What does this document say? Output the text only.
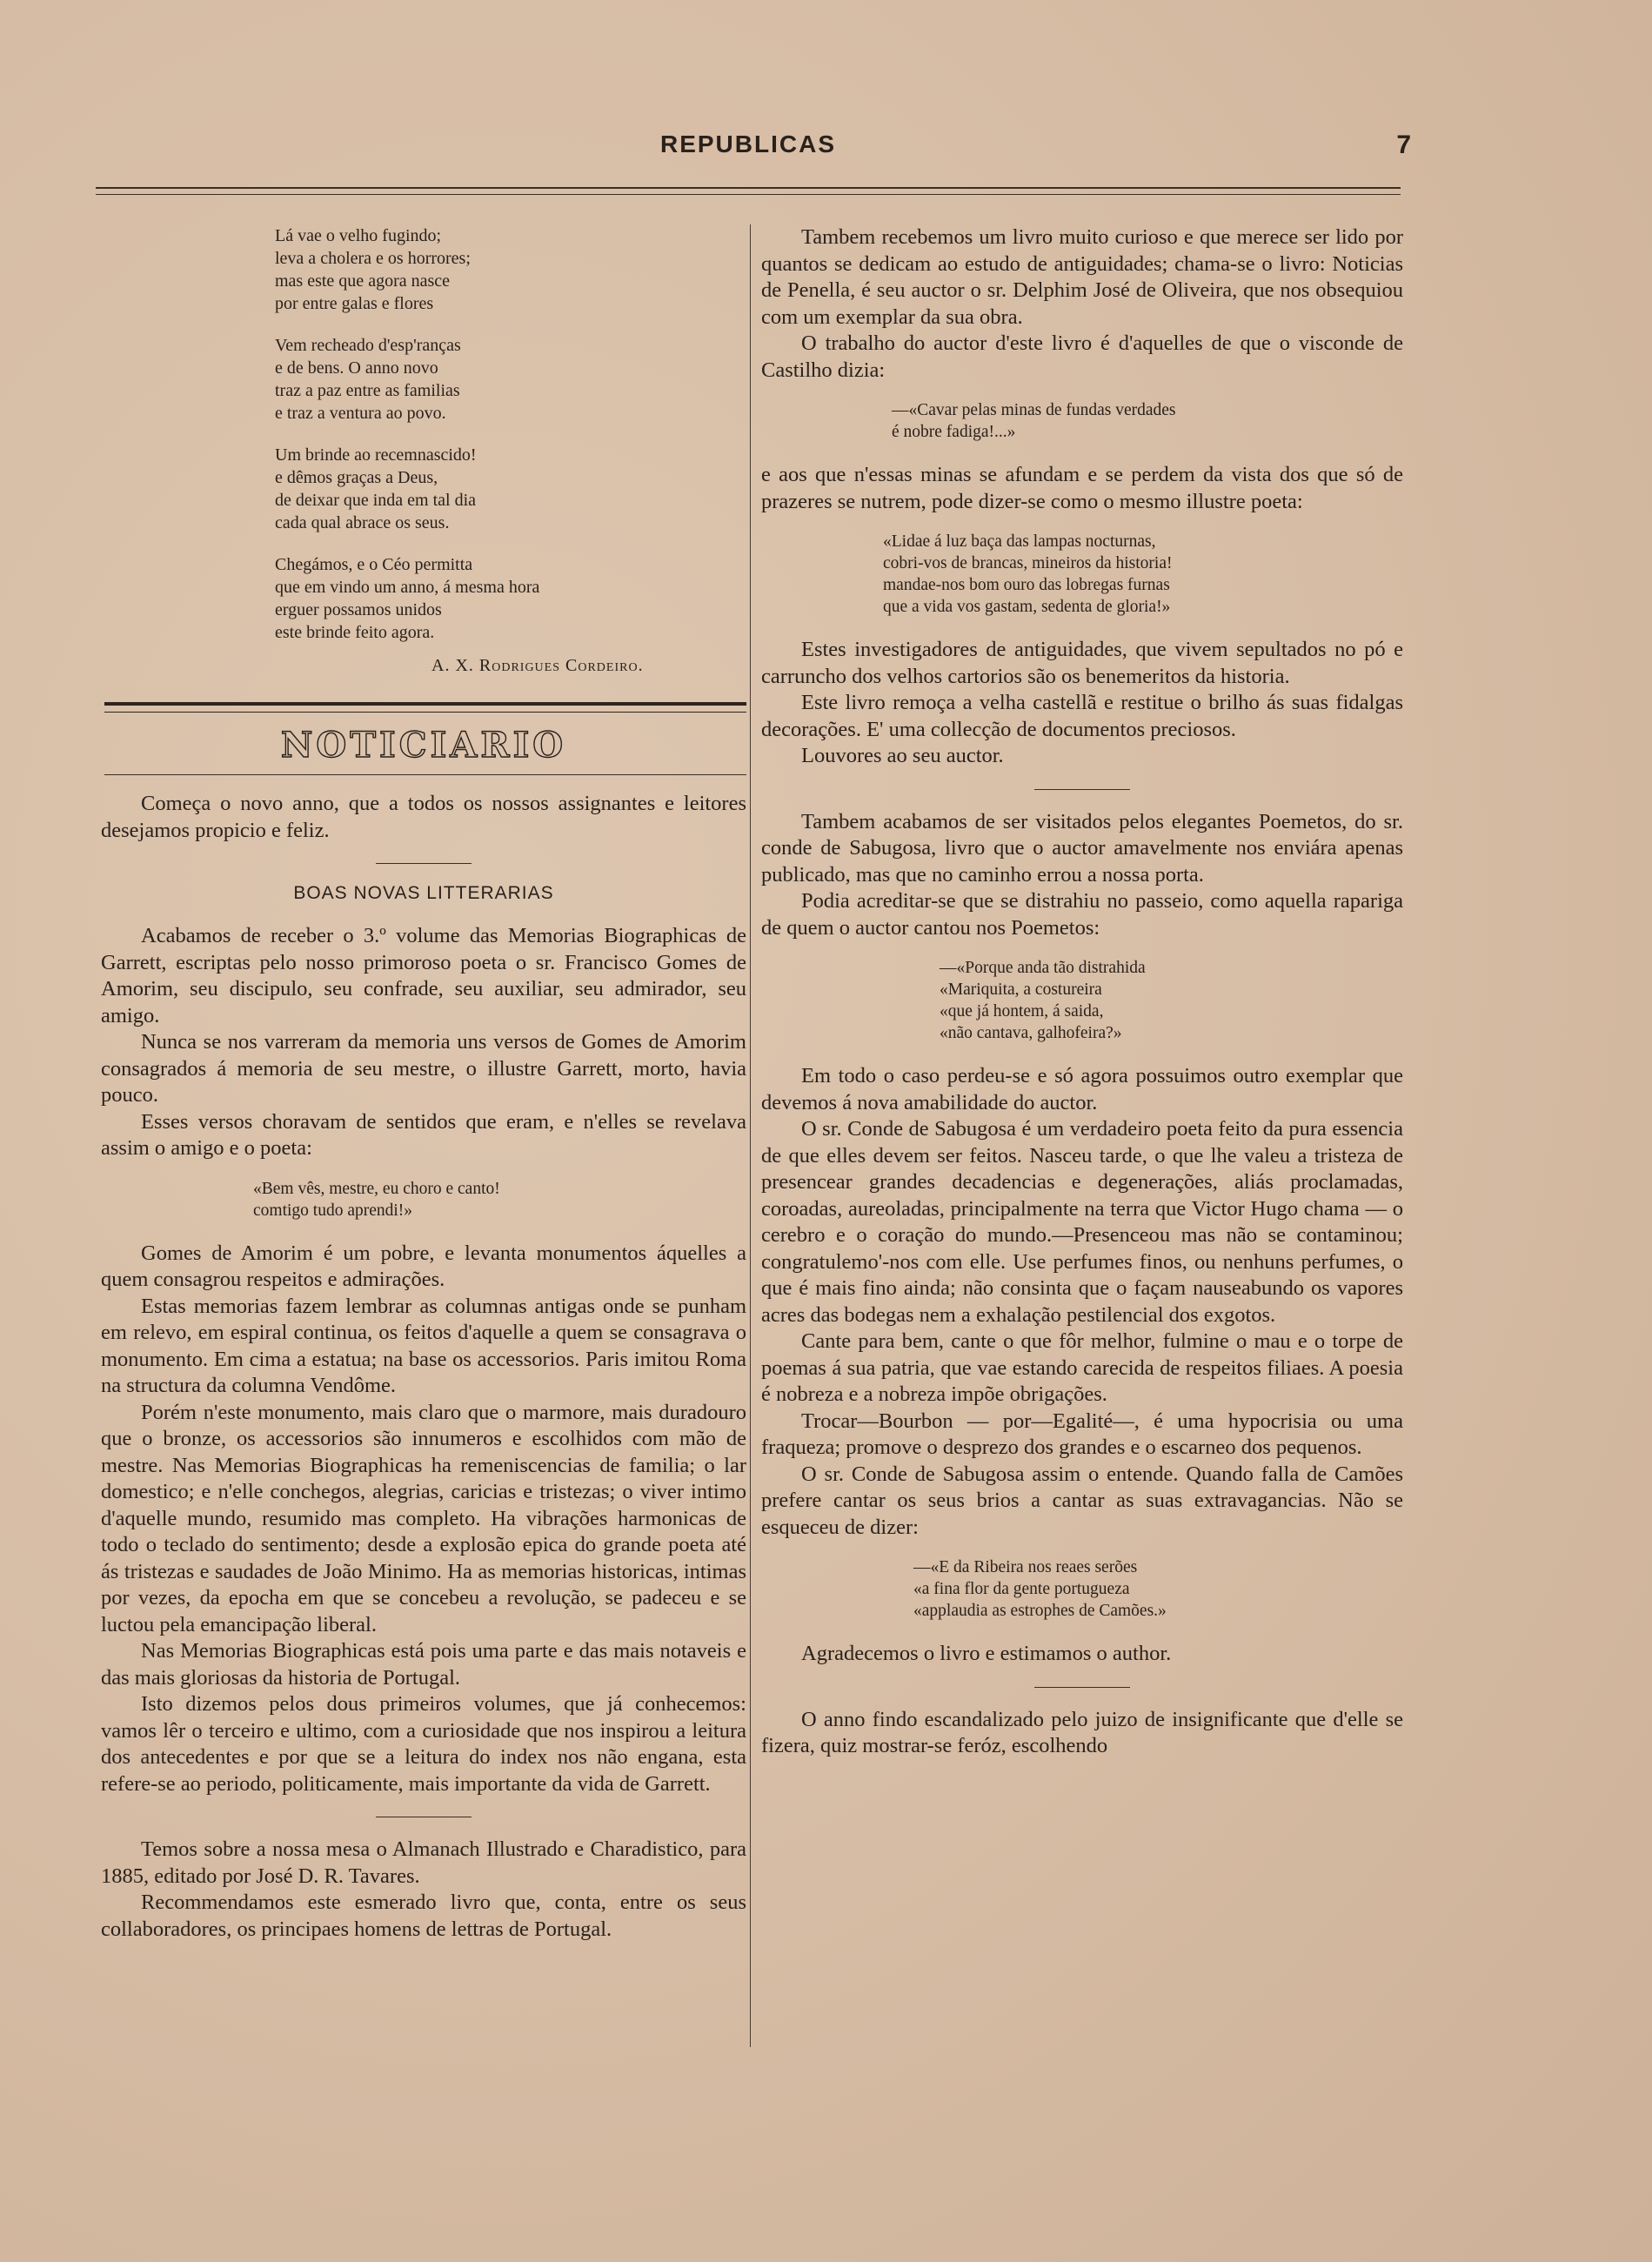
REPUBLICAS	7
Lá vae o velho fugindo;
leva a cholera e os horrores;
mas este que agora nasce
por entre galas e flores
Vem recheado d'esp'ranças
e de bens. O anno novo
traz a paz entre as familias
e traz a ventura ao povo.
Um brinde ao recemnascido!
e dêmos graças a Deus,
de deixar que inda em tal dia
cada qual abrace os seus.
Chegámos, e o Céo permitta
que em vindo um anno, á mesma hora
erguer possamos unidos
este brinde feito agora.
A. X. Rodrigues Cordeiro.
NOTICIARIO

Começa o novo anno, que a todos os nossos assignantes e leitores desejamos propicio e feliz.

BOAS NOVAS LITTERARIAS

Acabamos de receber o 3.º volume das Memorias Biographicas de Garrett, escriptas pelo nosso primoroso poeta o sr. Francisco Gomes de Amorim, seu discipulo, seu confrade, seu auxiliar, seu admirador, seu amigo.

Nunca se nos varreram da memoria uns versos de Gomes de Amorim consagrados á memoria de seu mestre, o illustre Garrett, morto, havia pouco.

Esses versos choravam de sentidos que eram, e n'elles se revelava assim o amigo e o poeta:

«Bem vês, mestre, eu choro e canto!
comtigo tudo aprendi!»

Gomes de Amorim é um pobre, e levanta monumentos áquelles a quem consagrou respeitos e admirações.

Estas memorias fazem lembrar as columnas antigas onde se punham em relevo, em espiral continua, os feitos d'aquelle a quem se consagrava o monumento. Em cima a estatua; na base os accessorios. Paris imitou Roma na structura da columna Vendôme.

Porém n'este monumento, mais claro que o marmore, mais duradouro que o bronze, os accessorios são innumeros e escolhidos com mão de mestre. Nas Memorias Biographicas ha remeniscencias de familia; o lar domestico; e n'elle conchegos, alegrias, caricias e tristezas; o viver intimo d'aquelle mundo, resumido mas completo. Ha vibrações harmonicas de todo o teclado do sentimento; desde a explosão epica do grande poeta até ás tristezas e saudades de João Minimo. Ha as memorias historicas, intimas por vezes, da epocha em que se concebeu a revolução, se padeceu e se luctou pela emancipação liberal.

Nas Memorias Biographicas está pois uma parte e das mais notaveis e das mais gloriosas da historia de Portugal.

Isto dizemos pelos dous primeiros volumes, que já conhecemos: vamos lêr o terceiro e ultimo, com a curiosidade que nos inspirou a leitura dos antecedentes e por que se a leitura do index nos não engana, esta refere-se ao periodo, politicamente, mais importante da vida de Garrett.

Temos sobre a nossa mesa o Almanach Illustrado e Charadistico, para 1885, editado por José D. R. Tavares.

Recommendamos este esmerado livro que, conta, entre os seus collaboradores, os principaes homens de lettras de Portugal.

Tambem recebemos um livro muito curioso e que merece ser lido por quantos se dedicam ao estudo de antiguidades; chama-se o livro: Noticias de Penella, é seu auctor o sr. Delphim José de Oliveira, que nos obsequiou com um exemplar da sua obra.

O trabalho do auctor d'este livro é d'aquelles de que o visconde de Castilho dizia:

—«Cavar pelas minas de fundas verdades
é nobre fadiga!...»

e aos que n'essas minas se afundam e se perdem da vista dos que só de prazeres se nutrem, pode dizer-se como o mesmo illustre poeta:

«Lidae á luz baça das lampas nocturnas,
cobri-vos de brancas, mineiros da historia!
mandae-nos bom ouro das lobregas furnas
que a vida vos gastam, sedenta de gloria!»

Estes investigadores de antiguidades, que vivem sepultados no pó e carruncho dos velhos cartorios são os benemeritos da historia.

Este livro remoça a velha castellã e restitue o brilho ás suas fidalgas decorações. E' uma collecção de documentos preciosos.

Louvores ao seu auctor.

Tambem acabamos de ser visitados pelos elegantes Poemetos, do sr. conde de Sabugosa, livro que o auctor amavelmente nos enviára apenas publicado, mas que no caminho errou a nossa porta.

Podia acreditar-se que se distrahiu no passeio, como aquella rapariga de quem o auctor cantou nos Poemetos:

—«Porque anda tão distrahida
«Mariquita, a costureira
«que já hontem, á saida,
«não cantava, galhofeira?»

Em todo o caso perdeu-se e só agora possuimos outro exemplar que devemos á nova amabilidade do auctor.

O sr. Conde de Sabugosa é um verdadeiro poeta feito da pura essencia de que elles devem ser feitos. Nasceu tarde, o que lhe valeu a tristeza de presencear grandes decadencias e degenerações, aliás proclamadas, coroadas, aureoladas, principalmente na terra que Victor Hugo chama — o cerebro e o coração do mundo.—Presenceou mas não se contaminou; congratulemo'-nos com elle. Use perfumes finos, ou nenhuns perfumes, o que é mais fino ainda; não consinta que o façam nauseabundo os vapores acres das bodegas nem a exhalação pestilencial dos exgotos.

Cante para bem, cante o que fôr melhor, fulmine o mau e o torpe de poemas á sua patria, que vae estando carecida de respeitos filiaes. A poesia é nobreza e a nobreza impõe obrigações.

Trocar—Bourbon — por—Egalité—, é uma hypocrisia ou uma fraqueza; promove o desprezo dos grandes e o escarneo dos pequenos.

O sr. Conde de Sabugosa assim o entende. Quando falla de Camões prefere cantar os seus brios a cantar as suas extravagancias. Não se esqueceu de dizer:

—«E da Ribeira nos reaes serões
«a fina flor da gente portugueza
«applaudia as estrophes de Camões.»

Agradecemos o livro e estimamos o author.

O anno findo escandalizado pelo juizo de insignificante que d'elle se fizera, quiz mostrar-se feróz, escolhendo
